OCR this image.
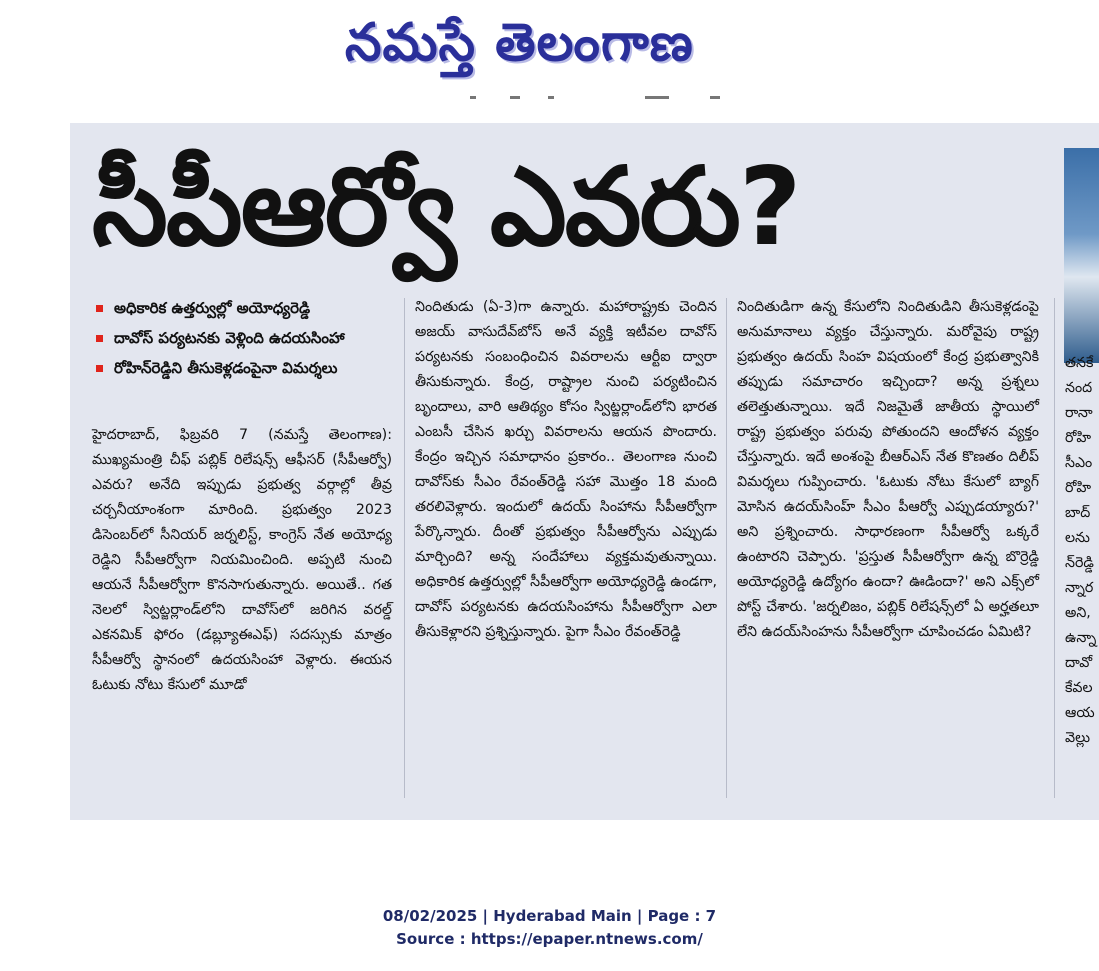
నమస్తే తెలంగాణ
సీపీఆర్వో ఎవరు?
అధికారిక ఉత్తర్వుల్లో అయోధ్యరెడ్డి
దావోస్ పర్యటనకు వెళ్లింది ఉదయసింహా
రోహిన్‌రెడ్డిని తీసుకెళ్లడంపైనా విమర్శలు

హైదరాబాద్, ఫిబ్రవరి 7 (నమస్తే తెలంగాణ): ముఖ్యమంత్రి చీఫ్ పబ్లిక్ రిలేషన్స్ ఆఫీసర్ (సీపీఆర్వో) ఎవరు? అనేది ఇప్పుడు ప్రభుత్వ వర్గాల్లో తీవ్ర చర్చనీయాంశంగా మారింది. ప్రభుత్వం 2023 డిసెంబర్‌లో సీనియర్ జర్నలిస్ట్, కాంగ్రెస్ నేత అయోధ్య రెడ్డిని సీపీఆర్వోగా నియమించింది. అప్పటి నుంచి ఆయనే సీపీఆర్వోగా కొనసాగుతున్నారు. అయితే.. గత నెలలో స్విట్జర్లాండ్‌లోని దావోస్‌లో జరిగిన వరల్డ్ ఎకనమిక్ ఫోరం (డబ్ల్యూఈఎఫ్) సదస్సుకు మాత్రం సీపీఆర్వో స్థానంలో ఉదయసింహా వెళ్లారు. ఈయన ఓటుకు నోటు కేసులో మూడో

నిందితుడు (ఏ-3)గా ఉన్నారు. మహారాష్ట్రకు చెందిన అజయ్ వాసుదేవ్‌బోస్ అనే వ్యక్తి ఇటీవల దావోస్ పర్యటనకు సంబంధించిన వివరాలను ఆర్టీఐ ద్వారా తీసుకున్నారు. కేంద్ర, రాష్ట్రాల నుంచి పర్యటించిన బృందాలు, వారి ఆతిథ్యం కోసం స్విట్జర్లాండ్‌లోని భారత ఎంబసీ చేసిన ఖర్చు వివరాలను ఆయన పొందారు. కేంద్రం ఇచ్చిన సమాధానం ప్రకారం.. తెలంగాణ నుంచి దావోస్‌కు సీఎం రేవంత్‌రెడ్డి సహా మొత్తం 18 మంది తరలివెళ్లారు. ఇందులో ఉదయ్ సింహాను సీపీఆర్వోగా పేర్కొన్నారు. దీంతో ప్రభుత్వం సీపీఆర్వోను ఎప్పుడు మార్చింది? అన్న సందేహాలు వ్యక్తమవుతున్నాయి. అధికారిక ఉత్తర్వుల్లో సీపీఆర్వోగా అయోధ్యరెడ్డి ఉండగా, దావోస్ పర్యటనకు ఉదయసింహాను సీపీఆర్వోగా ఎలా తీసుకెళ్లారని ప్రశ్నిస్తున్నారు. పైగా సీఎం రేవంత్‌రెడ్డి

నిందితుడిగా ఉన్న కేసులోని నిందితుడిని తీసుకెళ్లడంపై అనుమానాలు వ్యక్తం చేస్తున్నారు. మరోవైపు రాష్ట్ర ప్రభుత్వం ఉదయ్ సింహ విషయంలో కేంద్ర ప్రభుత్వానికి తప్పుడు సమాచారం ఇచ్చిందా? అన్న ప్రశ్నలు తలెత్తుతున్నాయి. ఇదే నిజమైతే జాతీయ స్థాయిలో రాష్ట్ర ప్రభుత్వం పరువు పోతుందని ఆందోళన వ్యక్తం చేస్తున్నారు. ఇదే అంశంపై బీఆర్‌ఎస్ నేత కొణతం దిలీప్ విమర్శలు గుప్పించారు. 'ఓటుకు నోటు కేసులో బ్యాగ్ మోసిన ఉదయ్‌సింహ్ సీఎం పీఆర్వో ఎప్పుడయ్యారు?' అని ప్రశ్నించారు. సాధారణంగా సీపీఆర్వో ఒక్కరే ఉంటారని చెప్పారు. 'ప్రస్తుత సీపీఆర్వోగా ఉన్న బొర్రెడ్డి అయోధ్యరెడ్డి ఉద్యోగం ఉందా? ఊడిందా?' అని ఎక్స్‌లో పోస్ట్ చేశారు. 'జర్నలిజం, పబ్లిక్ రిలేషన్స్‌లో ఏ అర్హతలూ లేని ఉదయ్‌సింహను సీపీఆర్వోగా చూపించడం ఏమిటి?

తనకే
నంద
రానా
రోహి
సీఎం
రోహి
బాద్
లను
న్‌రెడ్డి
న్నార
అని,
ఉన్నా
దావో
కేవల
ఆయ
వెల్లు

08/02/2025 | Hyderabad Main | Page : 7
Source : https://epaper.ntnews.com/
